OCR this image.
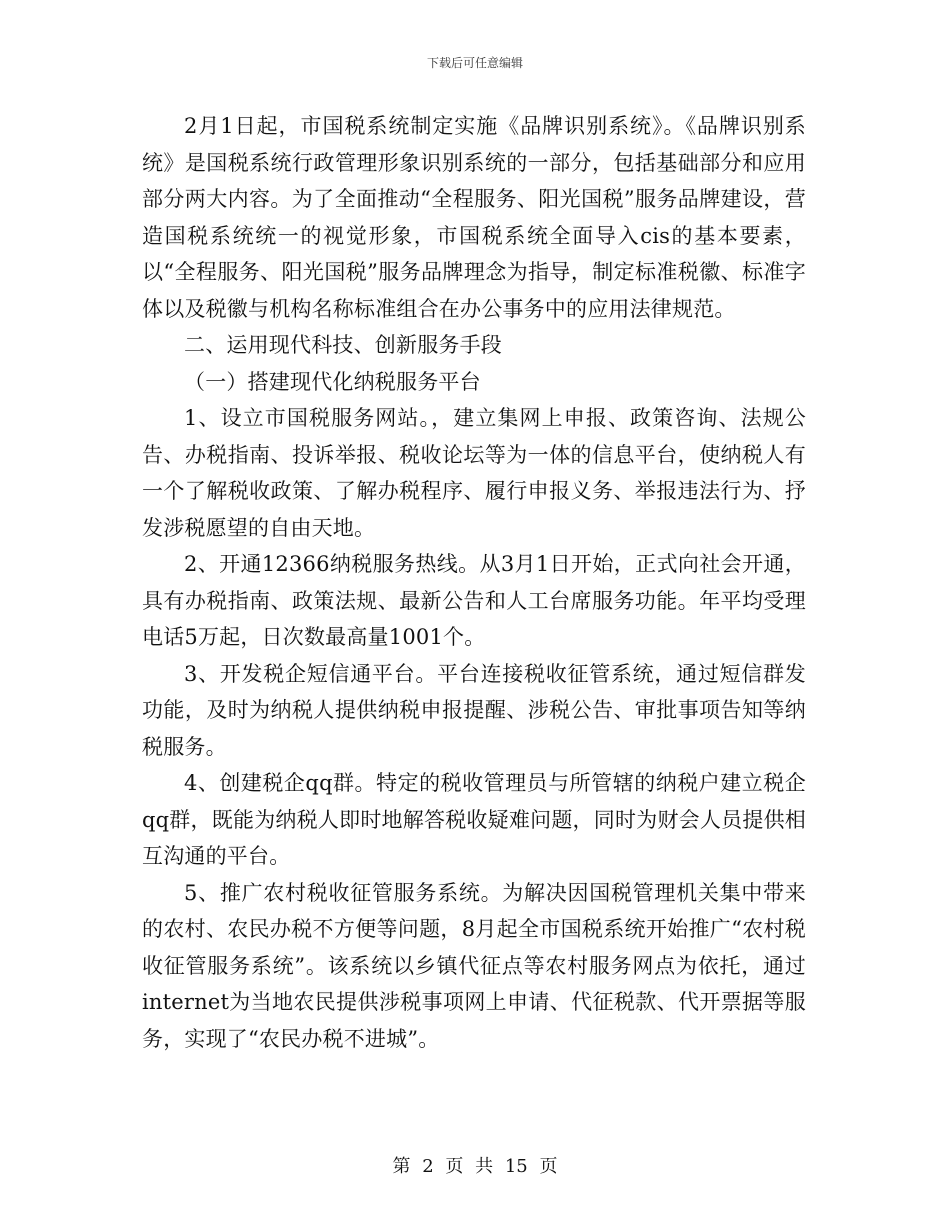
下载后可任意编辑

2月1日起，市国税系统制定实施《品牌识别系统》。《品牌识别系统》是国税系统行政管理形象识别系统的一部分，包括基础部分和应用部分两大内容。为了全面推动“全程服务、阳光国税”服务品牌建设，营造国税系统统一的视觉形象，市国税系统全面导入cis的基本要素，以“全程服务、阳光国税”服务品牌理念为指导，制定标准税徽、标准字体以及税徽与机构名称标准组合在办公事务中的应用法律规范。

二、运用现代科技、创新服务手段

（一）搭建现代化纳税服务平台

1、设立市国税服务网站。，建立集网上申报、政策咨询、法规公告、办税指南、投诉举报、税收论坛等为一体的信息平台，使纳税人有一个了解税收政策、了解办税程序、履行申报义务、举报违法行为、抒发涉税愿望的自由天地。

2、开通12366纳税服务热线。从3月1日开始，正式向社会开通，具有办税指南、政策法规、最新公告和人工台席服务功能。年平均受理电话5万起，日次数最高量1001个。

3、开发税企短信通平台。平台连接税收征管系统，通过短信群发功能，及时为纳税人提供纳税申报提醒、涉税公告、审批事项告知等纳税服务。

4、创建税企qq群。特定的税收管理员与所管辖的纳税户建立税企qq群，既能为纳税人即时地解答税收疑难问题，同时为财会人员提供相互沟通的平台。

5、推广农村税收征管服务系统。为解决因国税管理机关集中带来的农村、农民办税不方便等问题，8月起全市国税系统开始推广“农村税收征管服务系统”。该系统以乡镇代征点等农村服务网点为依托，通过internet为当地农民提供涉税事项网上申请、代征税款、代开票据等服务，实现了“农民办税不进城”。

第 2 页 共 15 页
